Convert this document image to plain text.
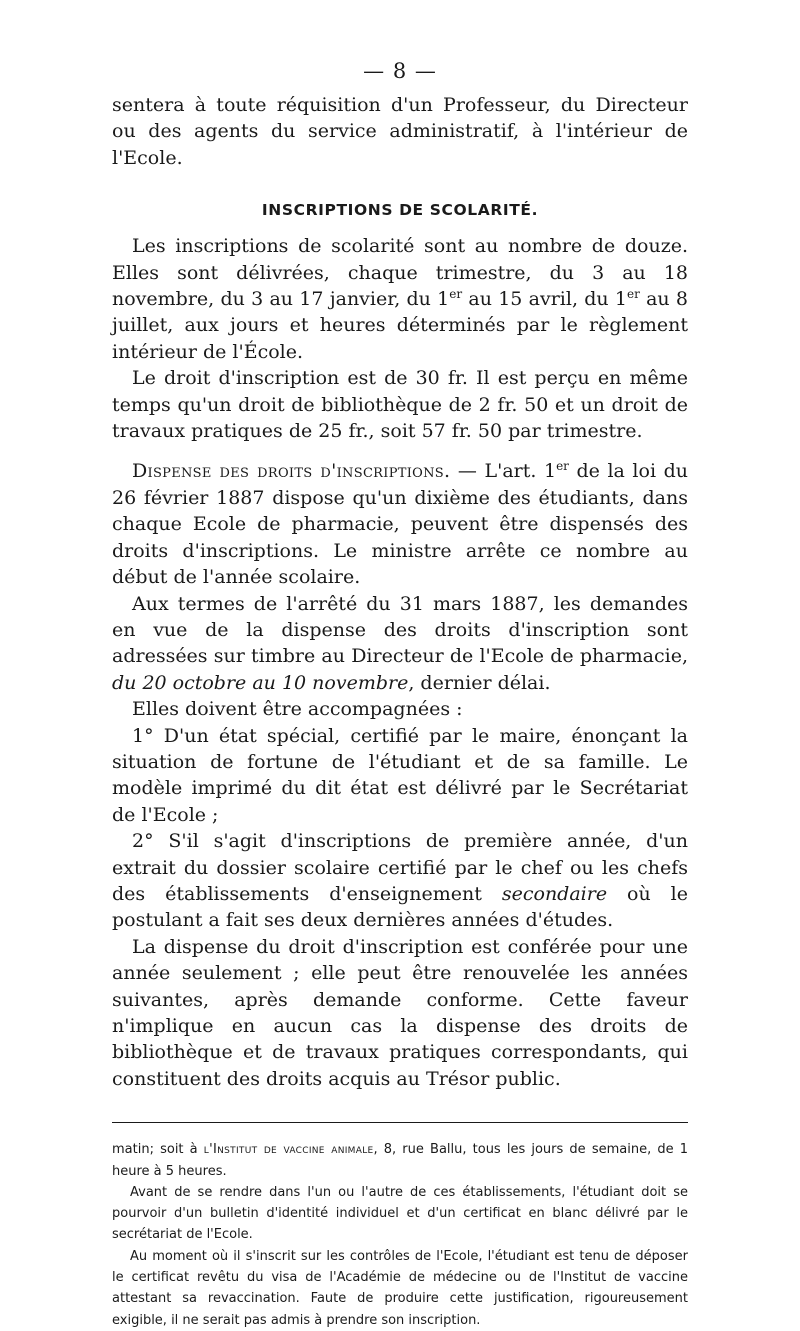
— 8 —

sentera à toute réquisition d'un Professeur, du Directeur ou des agents du service administratif, à l'intérieur de l'Ecole.

INSCRIPTIONS DE SCOLARITÉ.

Les inscriptions de scolarité sont au nombre de douze. Elles sont délivrées, chaque trimestre, du 3 au 18 novembre, du 3 au 17 janvier, du 1er au 15 avril, du 1er au 8 juillet, aux jours et heures déterminés par le règlement intérieur de l'École.

Le droit d'inscription est de 30 fr. Il est perçu en même temps qu'un droit de bibliothèque de 2 fr. 50 et un droit de travaux pratiques de 25 fr., soit 57 fr. 50 par trimestre.

Dispense des droits d'inscriptions. — L'art. 1er de la loi du 26 février 1887 dispose qu'un dixième des étudiants, dans chaque Ecole de pharmacie, peuvent être dispensés des droits d'inscriptions. Le ministre arrête ce nombre au début de l'année scolaire.

Aux termes de l'arrêté du 31 mars 1887, les demandes en vue de la dispense des droits d'inscription sont adressées sur timbre au Directeur de l'Ecole de pharmacie, du 20 octobre au 10 novembre, dernier délai.

Elles doivent être accompagnées :

1° D'un état spécial, certifié par le maire, énonçant la situation de fortune de l'étudiant et de sa famille. Le modèle imprimé du dit état est délivré par le Secrétariat de l'Ecole ;

2° S'il s'agit d'inscriptions de première année, d'un extrait du dossier scolaire certifié par le chef ou les chefs des établissements d'enseignement secondaire où le postulant a fait ses deux dernières années d'études.

La dispense du droit d'inscription est conférée pour une année seulement ; elle peut être renouvelée les années suivantes, après demande conforme. Cette faveur n'implique en aucun cas la dispense des droits de bibliothèque et de travaux pratiques correspondants, qui constituent des droits acquis au Trésor public.

matin; soit à l'Institut de vaccine animale, 8, rue Ballu, tous les jours de semaine, de 1 heure à 5 heures.

Avant de se rendre dans l'un ou l'autre de ces établissements, l'étudiant doit se pourvoir d'un bulletin d'identité individuel et d'un certificat en blanc délivré par le secrétariat de l'Ecole.

Au moment où il s'inscrit sur les contrôles de l'Ecole, l'étudiant est tenu de déposer le certificat revêtu du visa de l'Académie de médecine ou de l'Institut de vaccine attestant sa revaccination. Faute de produire cette justification, rigoureusement exigible, il ne serait pas admis à prendre son inscription.
